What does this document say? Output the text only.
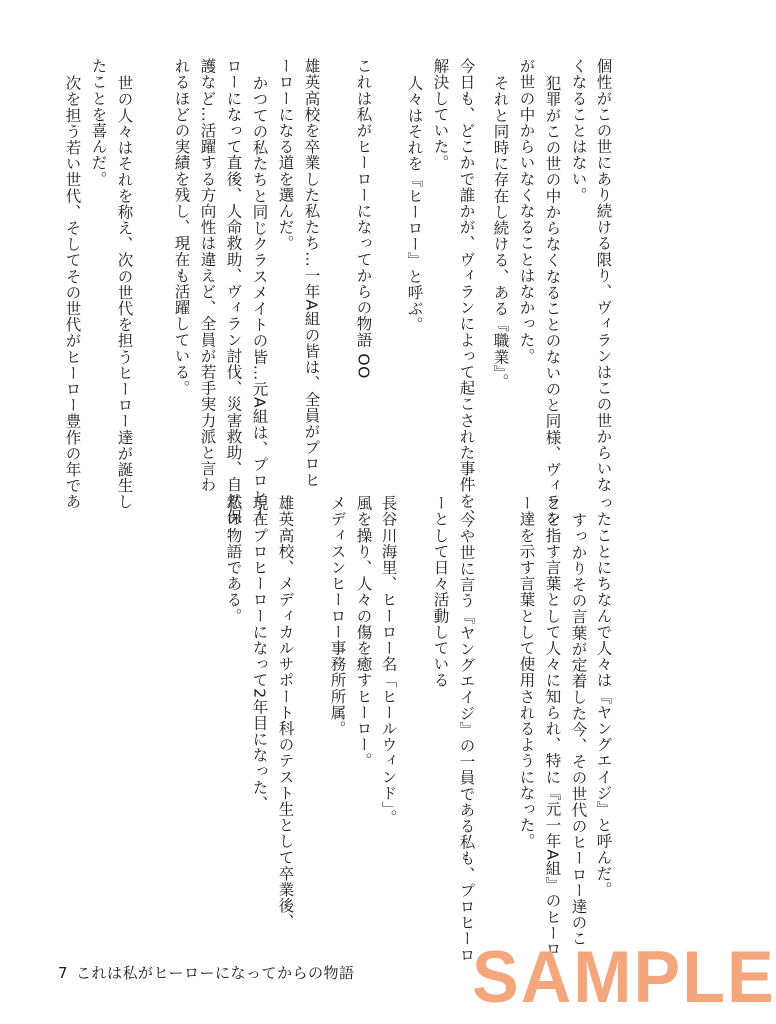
個性がこの世にあり続ける限り、ヴィランはこの世からいな
くなることはない。
犯罪がこの世の中からなくなることのないのと同様、ヴィラン
が世の中からいなくなることはなかった。
それと同時に存在し続ける、ある『職業』。
今日も、どこかで誰かが、ヴィランによって起こされた事件を、
解決していた。
人々はそれを『ヒーロー』と呼ぶ。
これは私がヒーローになってからの物語 OO
雄英高校を卒業した私たち…一年A組の皆は、全員がプロヒ
ーローになる道を選んだ。
かつての私たちと同じクラスメイトの皆…元A組は、プロヒー
ローになって直後、人命救助、ヴィラン討伐、災害救助、自然保
護など…活躍する方向性は違えど、全員が若手実力派と言わ
れるほどの実績を残し、現在も活躍している。
世の人々はそれを称え、次の世代を担うヒーロー達が誕生し
たことを喜んだ。
次を担う若い世代、そしてその世代がヒーロー豊作の年であ
ったことにちなんで人々は『ヤングエイジ』と呼んだ。
すっかりその言葉が定着した今、その世代のヒーロー達のこ
とを指す言葉として人々に知られ、特に『元一年A組』のヒーロ
ー達を示す言葉として使用されるようになった。
今や世に言う『ヤングエイジ』の一員である私も、プロヒーロ
ーとして日々活動している
長谷川海里、ヒーロー名「ヒールウィンド」。
風を操り、人々の傷を癒すヒーロー。
メディスンヒーロー事務所所属。
雄英高校、メディカルサポート科のテスト生として卒業後、
現在プロヒーローになって2年目になった、
私の物語である。
7 これは私がヒーローになってからの物語 SAMPLE
